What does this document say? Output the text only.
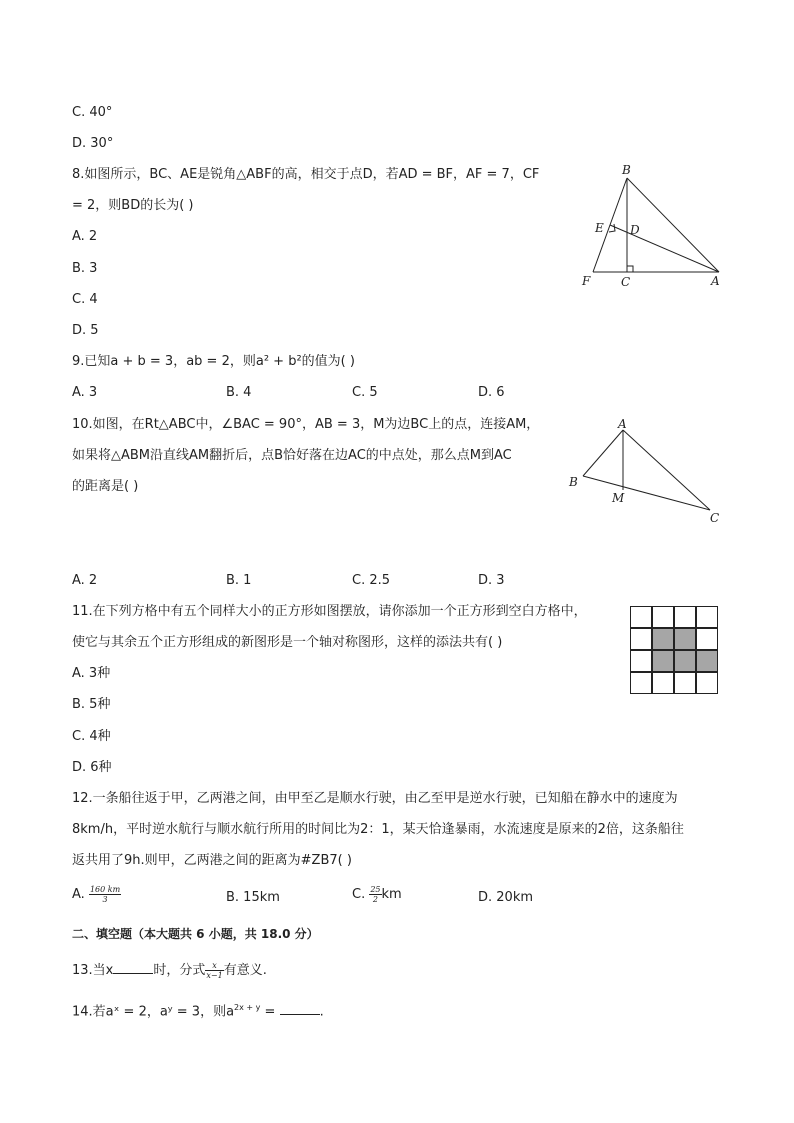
C. 40°
D. 30°
8.如图所示，BC、AE是锐角△ABF的高，相交于点D，若AD = BF，AF = 7，CF
= 2，则BD的长为( )
A. 2
B. 3
C. 4
D. 5
B
E D
F	C	A
9.已知a + b = 3，ab = 2，则a² + b²的值为( )
A. 3	B. 4	C. 5	D. 6
10.如图，在Rt△ABC中，∠BAC = 90°，AB = 3，M为边BC上的点，连接AM，
如果将△ABM沿直线AM翻折后，点B恰好落在边AC的中点处，那么点M到AC
的距离是( )
A
B
M
C
A. 2	B. 1	C. 2.5	D. 3
11.在下列方格中有五个同样大小的正方形如图摆放，请你添加一个正方形到空白方格中，
使它与其余五个正方形组成的新图形是一个轴对称图形，这样的添法共有( )
A. 3种
B. 5种
C. 4种
D. 6种
12.一条船往返于甲，乙两港之间，由甲至乙是顺水行驶，由乙至甲是逆水行驶，已知船在静水中的速度为
8km/h，平时逆水航行与顺水航行所用的时间比为2：1，某天恰逢暴雨，水流速度是原来的2倍，这条船往
返共用了9h.则甲，乙两港之间的距离为#ZB7( )
A. $\frac{160 km}{3}$	B. 15km	C. $\frac{25}{2}$ km	D. 20km
二、填空题（本大题共 6 小题，共 18.0 分）
13.当x	时，分式 $\frac{x}{x-1}$ 有意义.
14.若aˣ = 2，aʸ = 3，则$a^{2x + y}$ =	.
